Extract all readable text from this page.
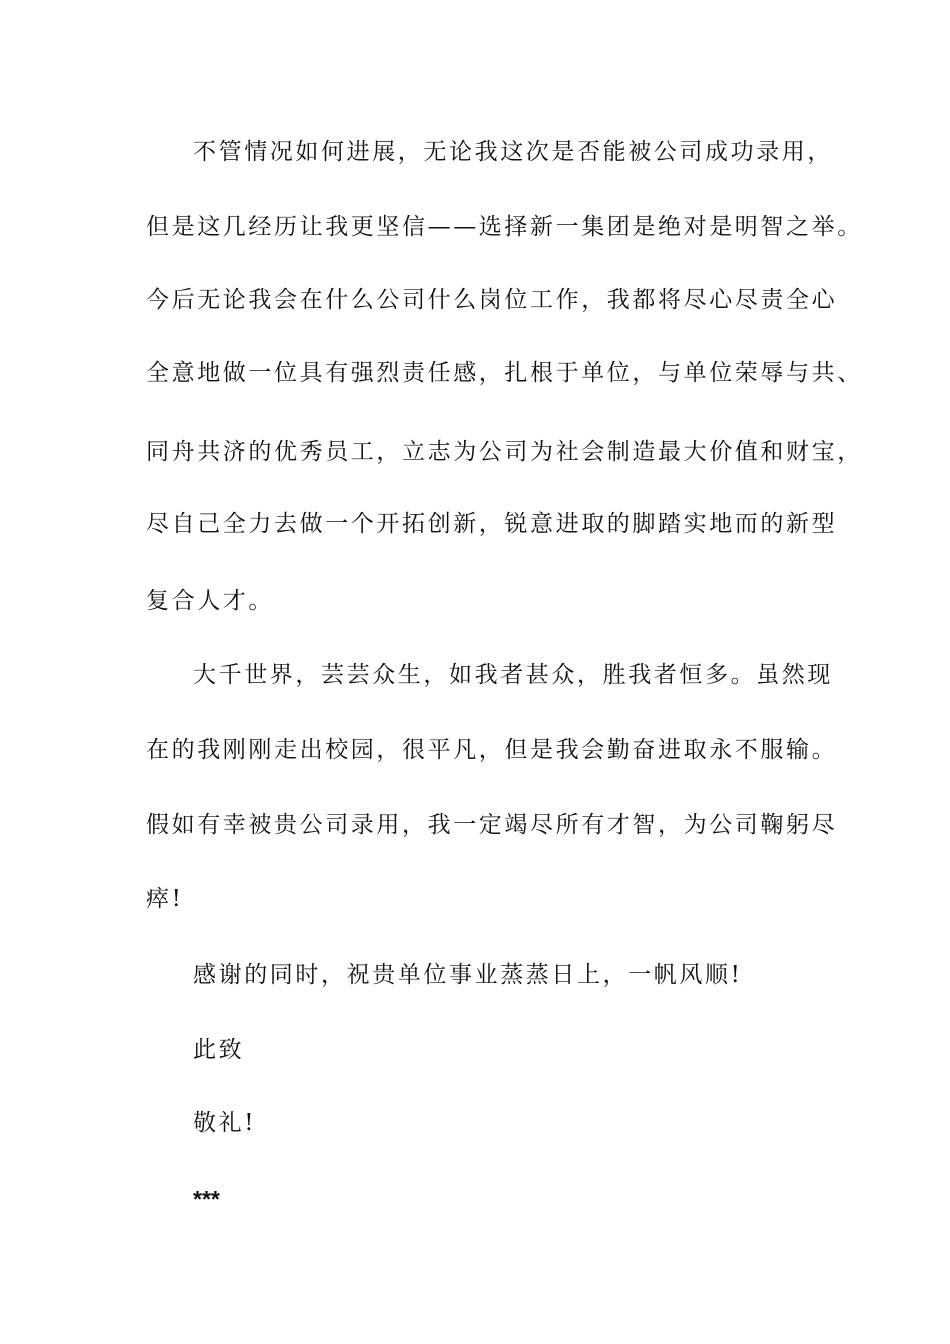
不管情况如何进展，无论我这次是否能被公司成功录用，

但是这几经历让我更坚信——选择新一集团是绝对是明智之举。

今后无论我会在什么公司什么岗位工作，我都将尽心尽责全心

全意地做一位具有强烈责任感，扎根于单位，与单位荣辱与共、

同舟共济的优秀员工，立志为公司为社会制造最大价值和财宝，

尽自己全力去做一个开拓创新，锐意进取的脚踏实地而的新型

复合人才。

大千世界，芸芸众生，如我者甚众，胜我者恒多。虽然现

在的我刚刚走出校园，很平凡，但是我会勤奋进取永不服输。

假如有幸被贵公司录用，我一定竭尽所有才智，为公司鞠躬尽

瘁!

感谢的同时，祝贵单位事业蒸蒸日上，一帆风顺!

此致

敬礼!

***
